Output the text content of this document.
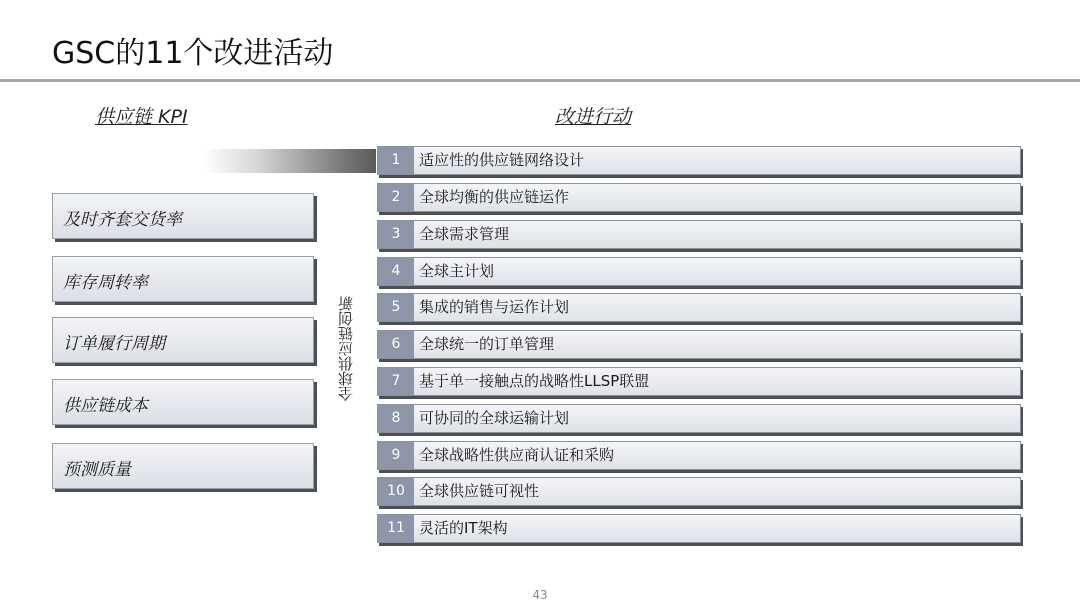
GSC的11个改进活动
供应链 KPI	改进行动
及时齐套交货率
库存周转率
订单履行周期
供应链成本
预测质量
全球供应链创新
1	适应性的供应链网络设计
2	全球均衡的供应链运作
3	全球需求管理
4	全球主计划
5	集成的销售与运作计划
6	全球统一的订单管理
7	基于单一接触点的战略性LLSP联盟
8	可协同的全球运输计划
9	全球战略性供应商认证和采购
10 全球供应链可视性
11 灵活的IT架构
43
